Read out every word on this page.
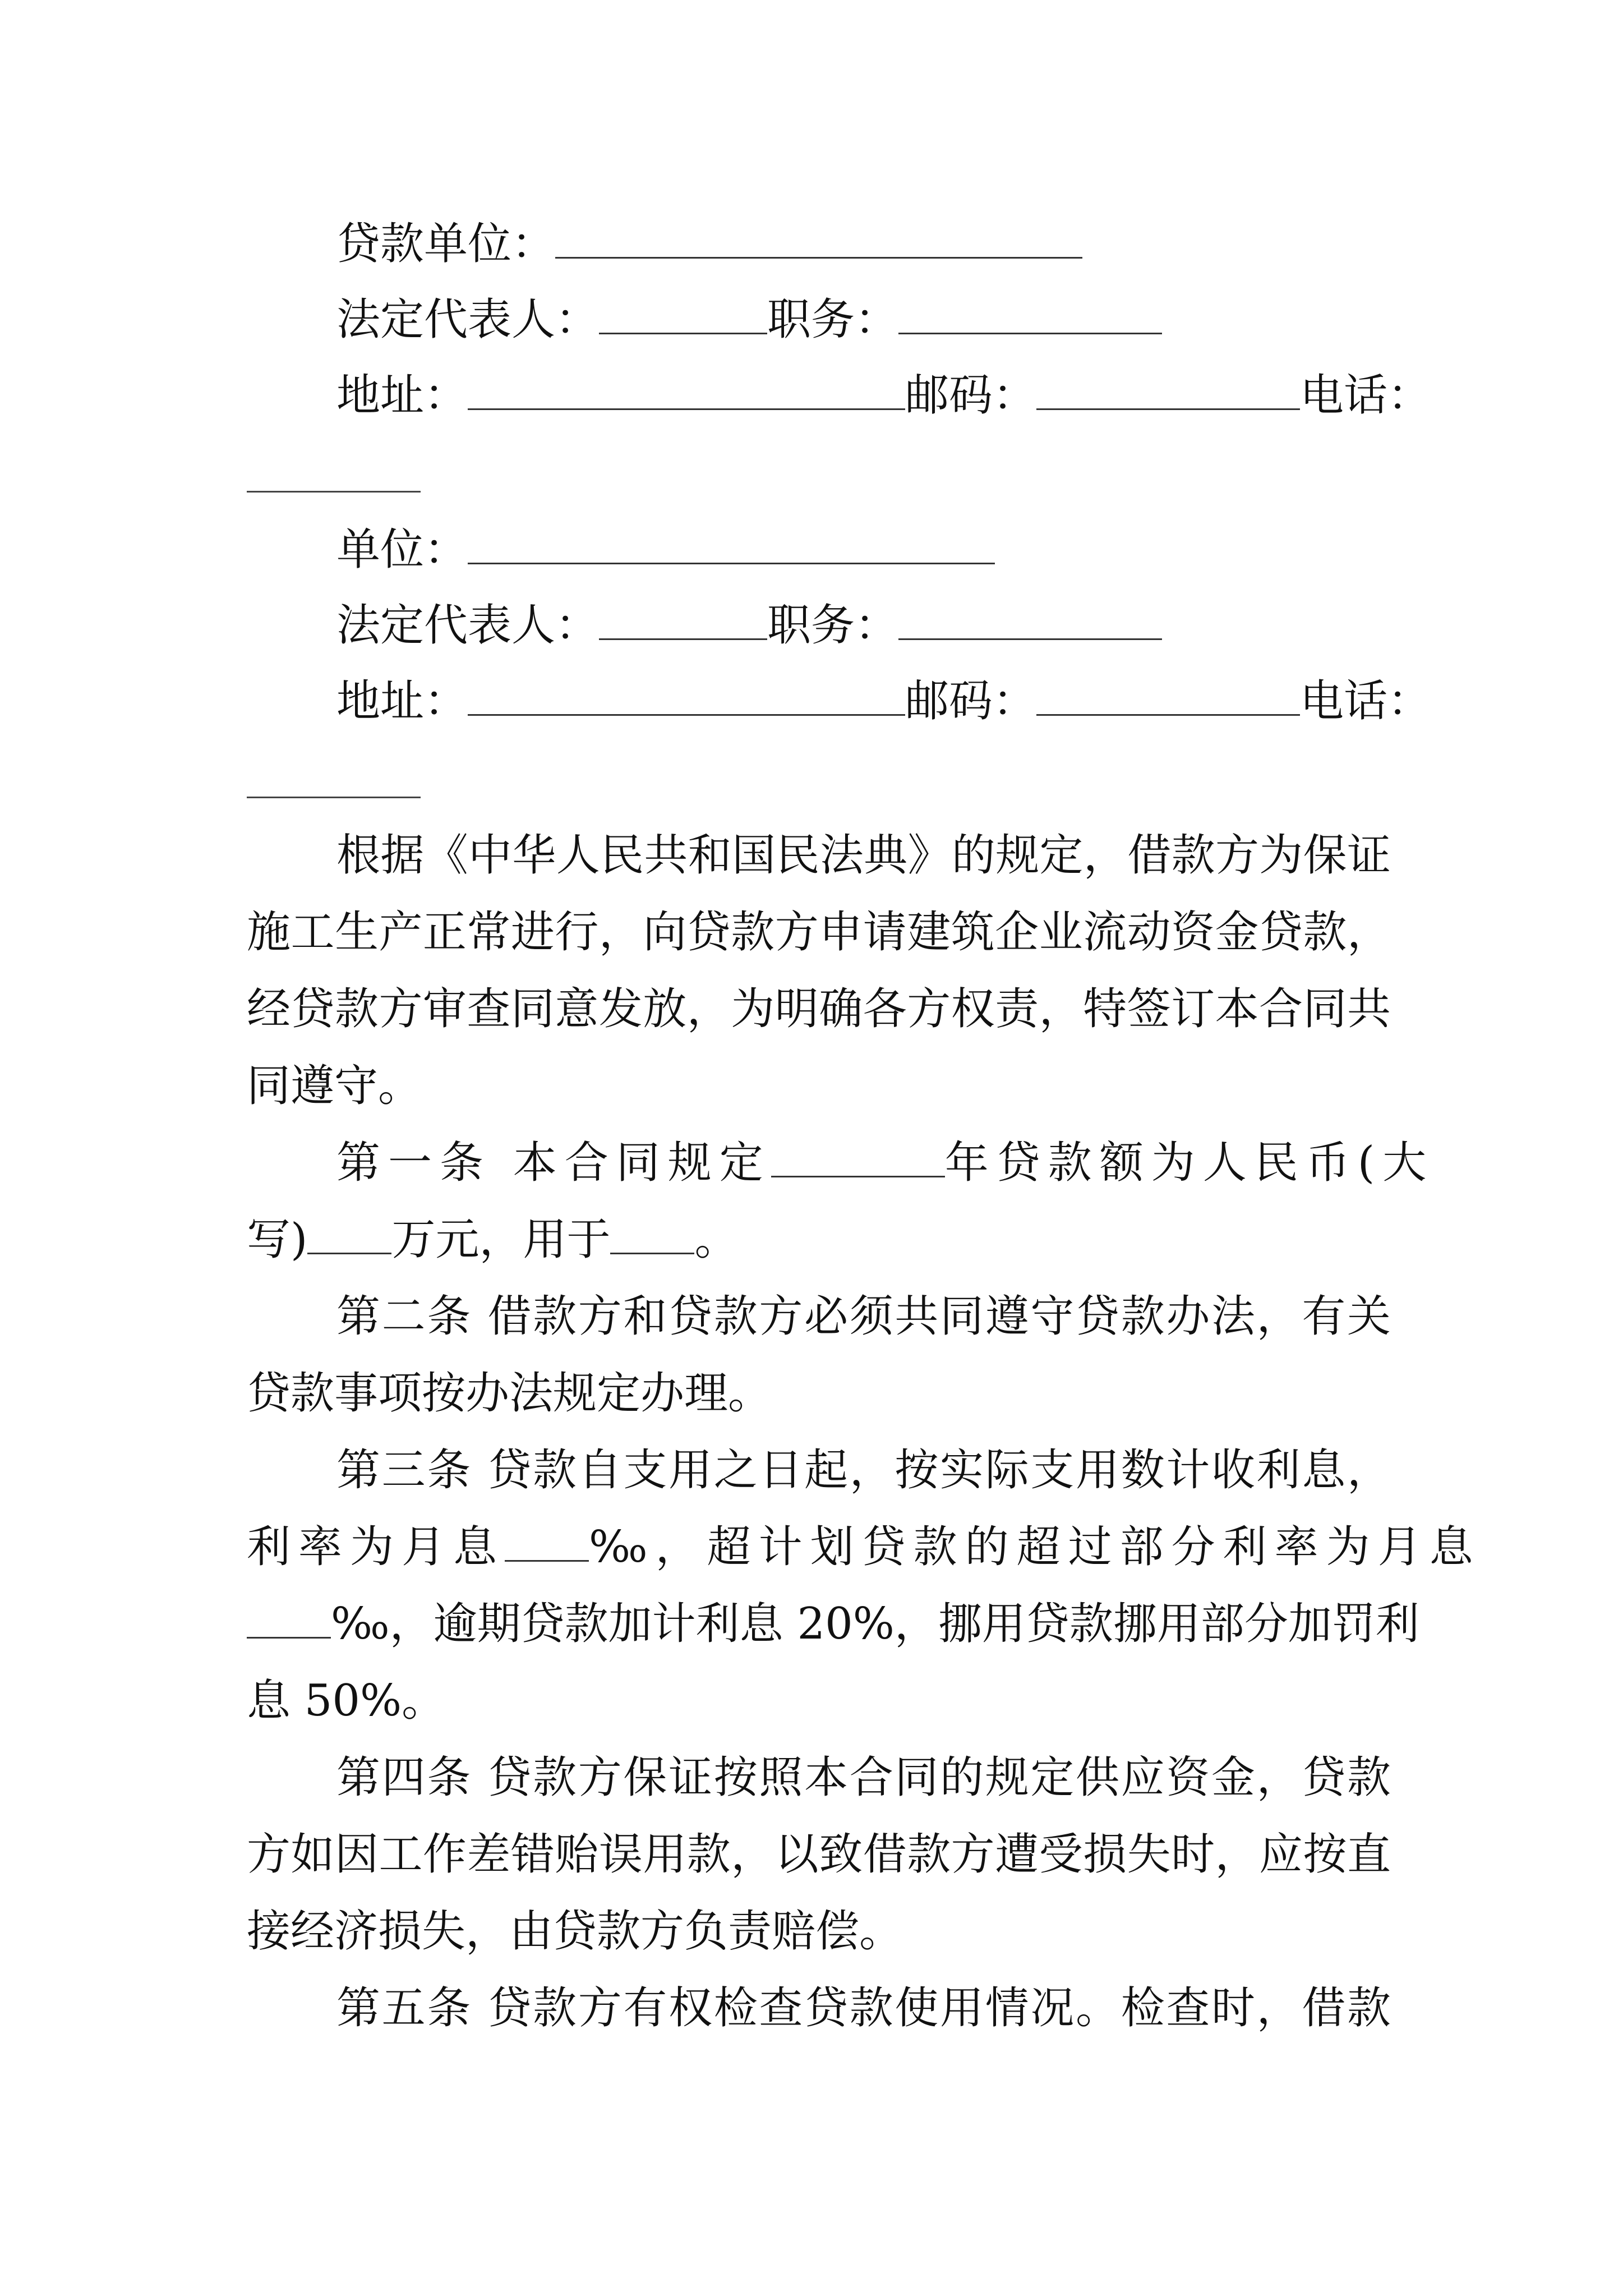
贷款单位：
法定代表人：	职务：
地址：	邮码：	电话：
单位：
法定代表人：	职务：
地址：	邮码：	电话：
根据《中华人民共和国民法典》的规定，借款方为保证
施工生产正常进行，向贷款方申请建筑企业流动资金贷款，
经贷款方审查同意发放，为明确各方权责，特签订本合同共
同遵守。
第一条 本合同规定	年贷款额为人民币(大
写) 万元，用于 。
第二条 借款方和贷款方必须共同遵守贷款办法，有关
贷款事项按办法规定办理。
第三条 贷款自支用之日起，按实际支用数计收利息，
利率为月息 ‰，超计划贷款的超过部分利率为月息
‰，逾期贷款加计利息 20%，挪用贷款挪用部分加罚利
息 50%。
第四条 贷款方保证按照本合同的规定供应资金，贷款
方如因工作差错贻误用款，以致借款方遭受损失时，应按直
接经济损失，由贷款方负责赔偿。
第五条 贷款方有权检查贷款使用情况。检查时，借款
